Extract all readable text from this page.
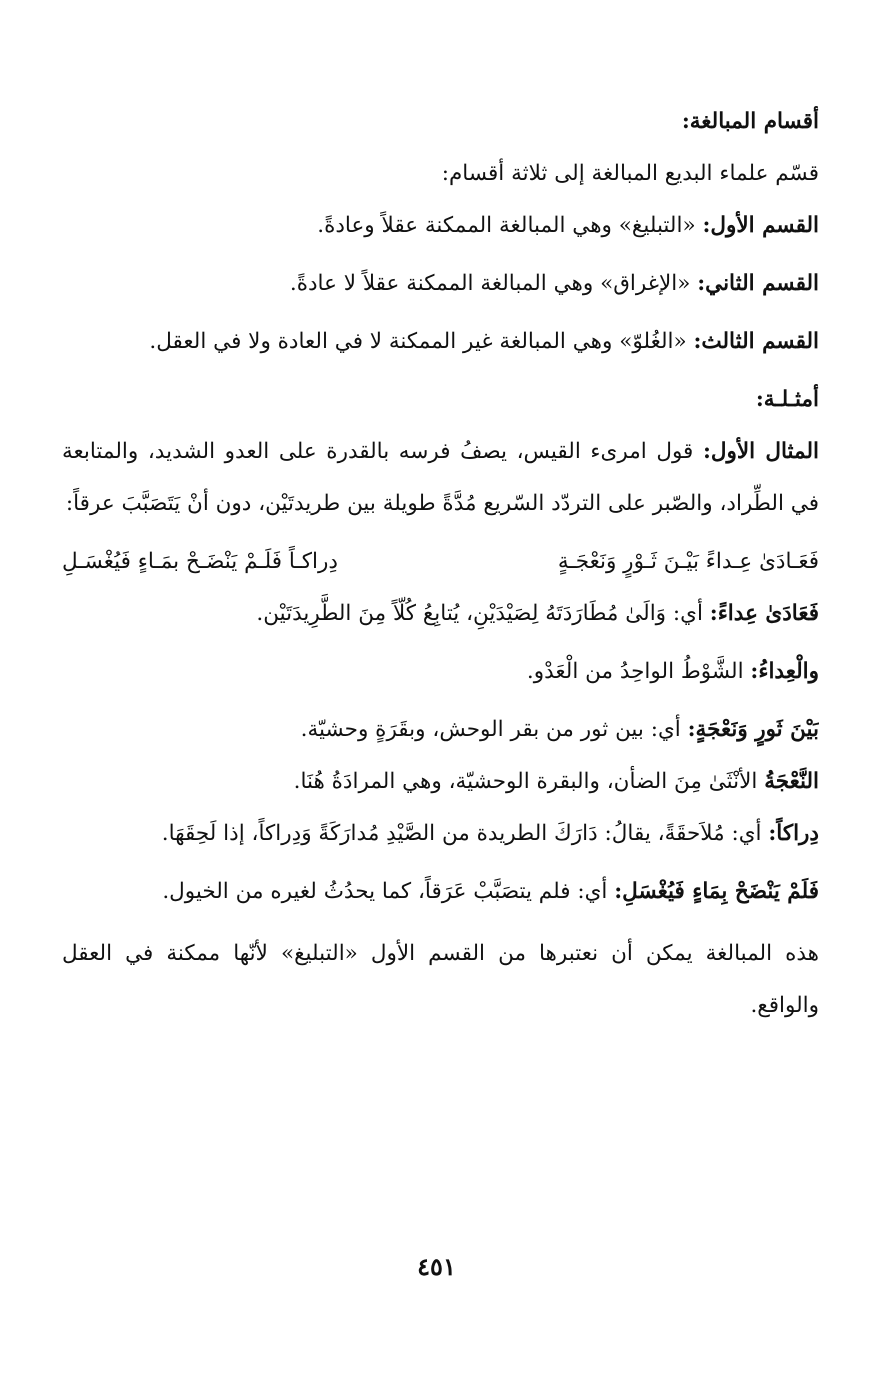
أقسام المبالغة:

قسّم علماء البديع المبالغة إلى ثلاثة أقسام:

القسم الأول: «التبليغ» وهي المبالغة الممكنة عقلاً وعادةً.

القسم الثاني: «الإغراق» وهي المبالغة الممكنة عقلاً لا عادةً.

القسم الثالث: «الغُلوّ» وهي المبالغة غير الممكنة لا في العادة ولا في العقل.

أمثـلـة:

المثال الأول: قول امرىء القيس، يصفُ فرسه بالقدرة على العدو الشديد، والمتابعة في الطِّراد، والصّبر على التردّد السّريع مُدَّةً طويلة بين طريدتَيْن، دون أنْ يَتَصَبَّبَ عرقاً:

فَعَـادَىٰ عِـداءً بَيْـنَ ثَـوْرٍ وَنَعْجَـةٍ
دِراكـاً فَلَـمْ يَنْضَـحْ بمَـاءٍ فَيُغْسَـلِ

فَعَادَىٰ عِداءً: أي: وَالَىٰ مُطَارَدَتَهُ لِصَيْدَيْنِ، يُتابِعُ كُلّاً مِنَ الطَّرِيدَتَيْن.

والْعِداءُ: الشَّوْطُ الواحِدُ من الْعَدْو.

بَيْنَ ثَورٍ وَنَعْجَةٍ: أي: بين ثور من بقر الوحش، وبقَرَةٍ وحشيّة.

النَّعْجَةُ الأنْثَىٰ مِنَ الضأن، والبقرة الوحشيّة، وهي المرادَةُ هُنَا.

دِراكاً: أي: مُلاَحقَةً، يقالُ: دَارَكَ الطريدة من الصَّيْدِ مُدارَكَةً وَدِراكاً، إذا لَحِقَهَا.

فَلَمْ يَنْضَحْ بِمَاءٍ فَيُغْسَلِ: أي: فلم يتصَبَّبْ عَرَقاً، كما يحدُثُ لغيره من الخيول.

هذه المبالغة يمكن أن نعتبرها من القسم الأول «التبليغ» لأنّها ممكنة في العقل والواقع.

٤٥١
